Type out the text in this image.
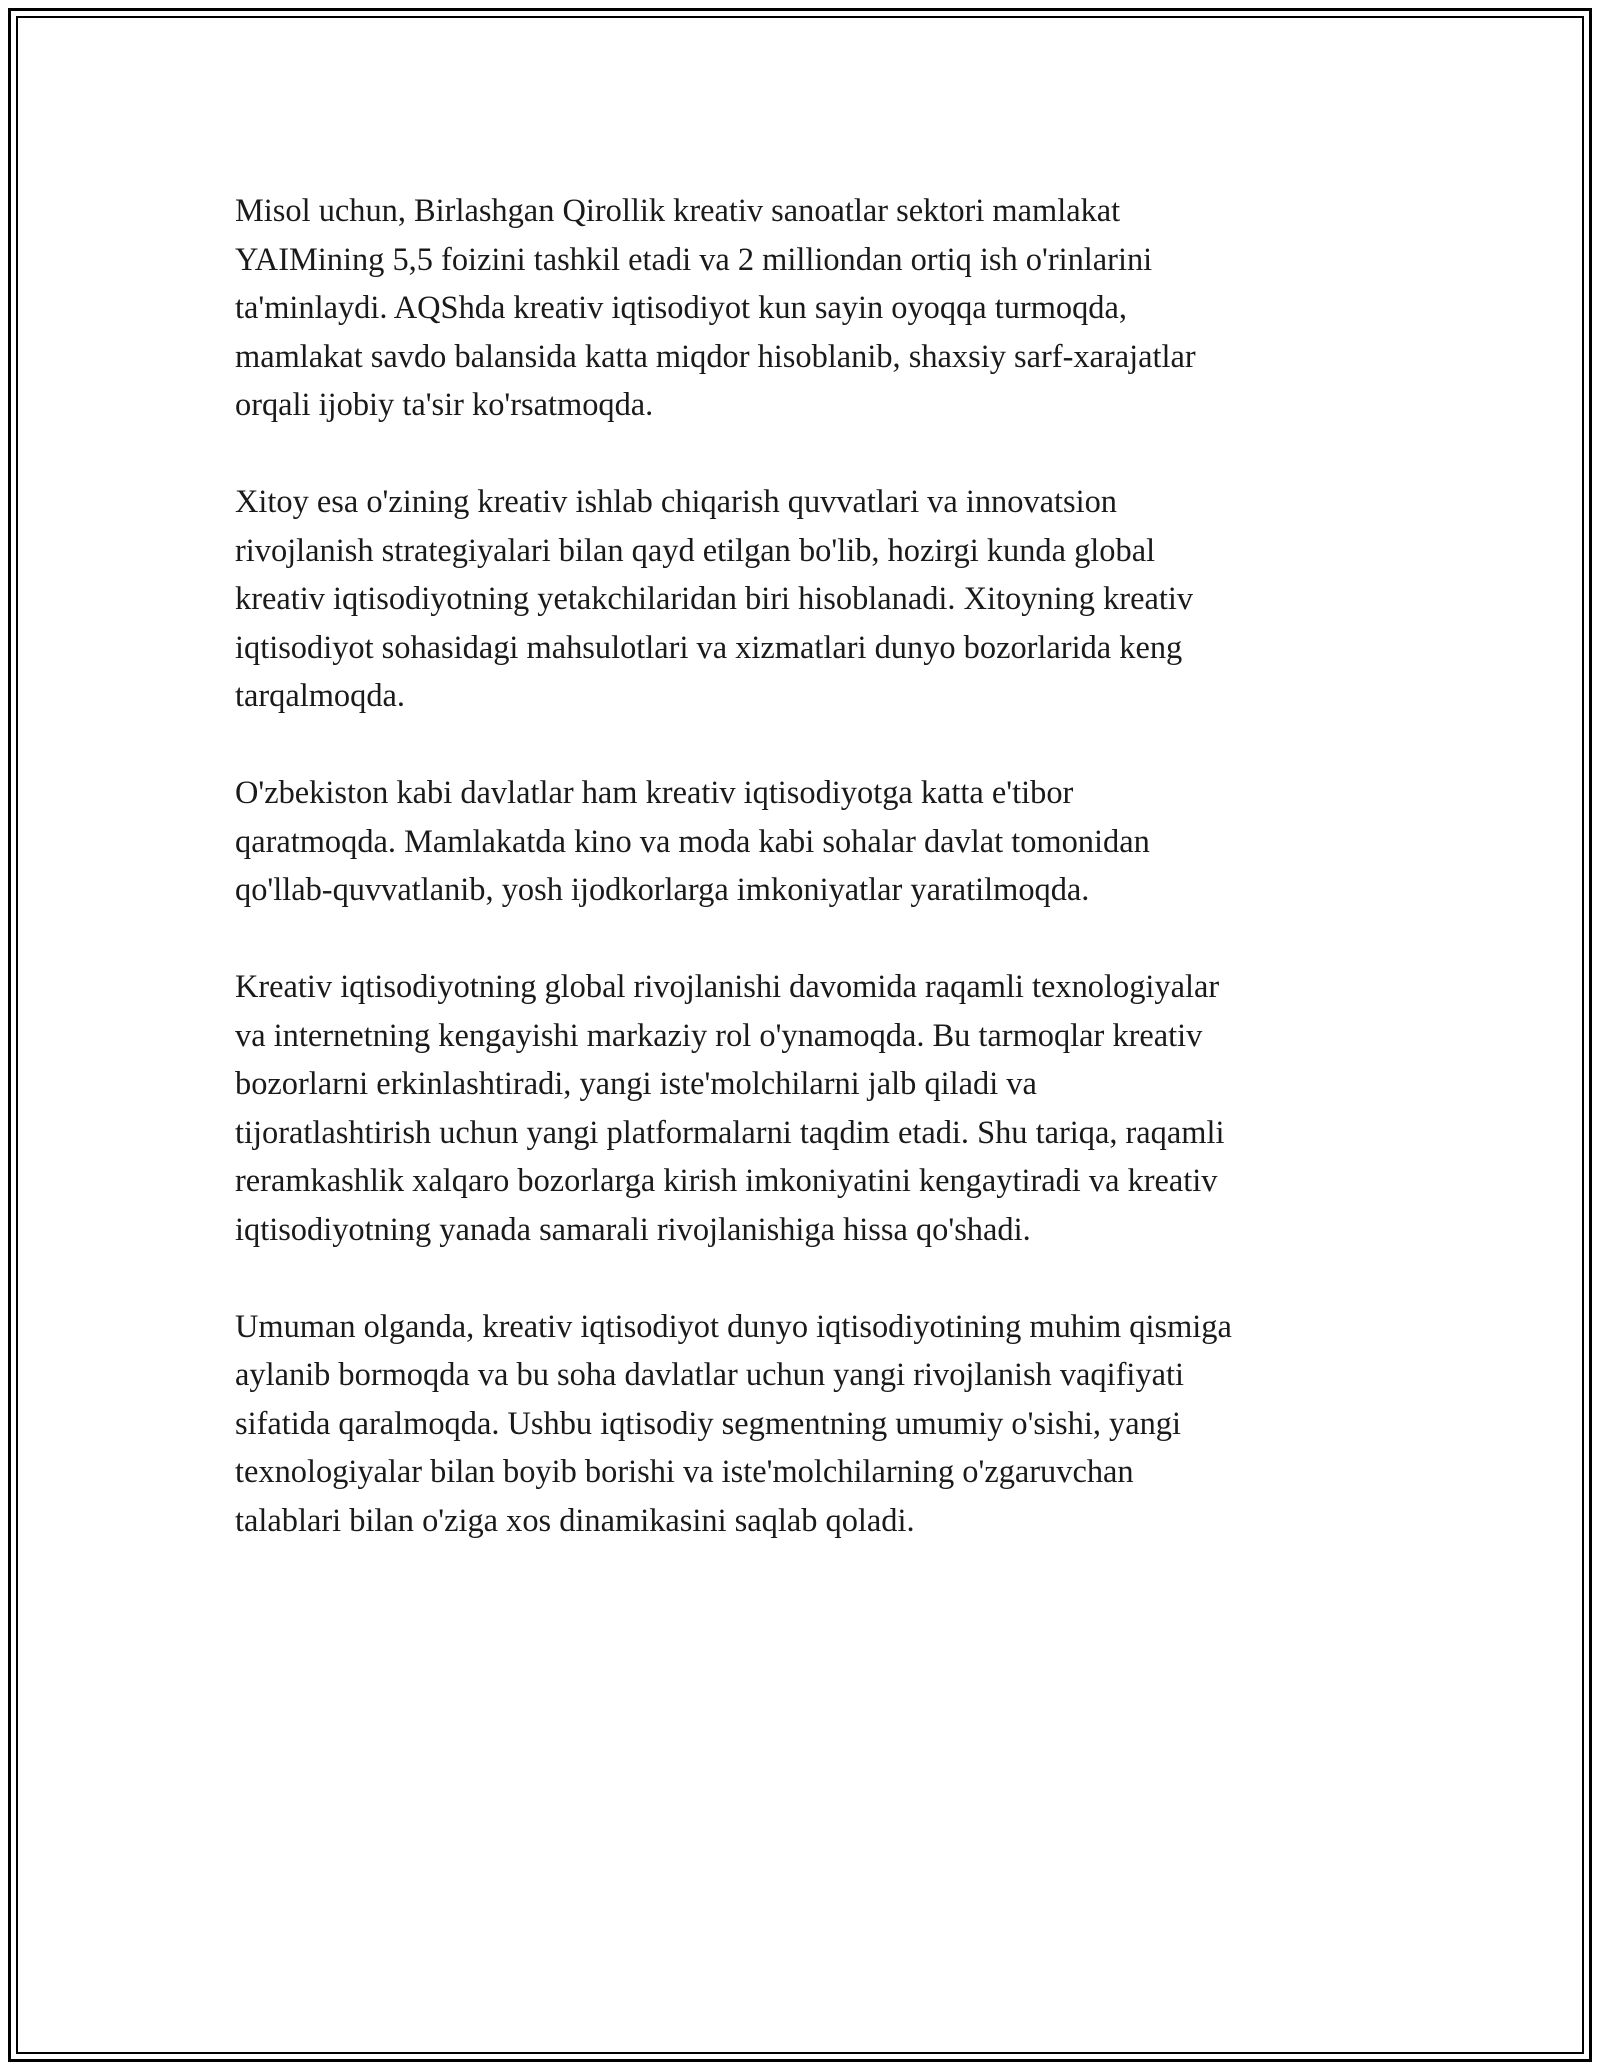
Misol uchun, Birlashgan Qirollik kreativ sanoatlar sektori mamlakat
YAIMining 5,5 foizini tashkil etadi va 2 milliondan ortiq ish o'rinlarini
ta'minlaydi. AQShda kreativ iqtisodiyot kun sayin oyoqqa turmoqda,
mamlakat savdo balansida katta miqdor hisoblanib, shaxsiy sarf-xarajatlar
orqali ijobiy ta'sir ko'rsatmoqda.

Xitoy esa o'zining kreativ ishlab chiqarish quvvatlari va innovatsion
rivojlanish strategiyalari bilan qayd etilgan bo'lib, hozirgi kunda global
kreativ iqtisodiyotning yetakchilaridan biri hisoblanadi. Xitoyning kreativ
iqtisodiyot sohasidagi mahsulotlari va xizmatlari dunyo bozorlarida keng
tarqalmoqda.

O'zbekiston kabi davlatlar ham kreativ iqtisodiyotga katta e'tibor
qaratmoqda. Mamlakatda kino va moda kabi sohalar davlat tomonidan
qo'llab-quvvatlanib, yosh ijodkorlarga imkoniyatlar yaratilmoqda.

Kreativ iqtisodiyotning global rivojlanishi davomida raqamli texnologiyalar
va internetning kengayishi markaziy rol o'ynamoqda. Bu tarmoqlar kreativ
bozorlarni erkinlashtiradi, yangi iste'molchilarni jalb qiladi va
tijoratlashtirish uchun yangi platformalarni taqdim etadi. Shu tariqa, raqamli
reramkashlik xalqaro bozorlarga kirish imkoniyatini kengaytiradi va kreativ
iqtisodiyotning yanada samarali rivojlanishiga hissa qo'shadi.

Umuman olganda, kreativ iqtisodiyot dunyo iqtisodiyotining muhim qismiga
aylanib bormoqda va bu soha davlatlar uchun yangi rivojlanish vaqifiyati
sifatida qaralmoqda. Ushbu iqtisodiy segmentning umumiy o'sishi, yangi
texnologiyalar bilan boyib borishi va iste'molchilarning o'zgaruvchan
talablari bilan o'ziga xos dinamikasini saqlab qoladi.
